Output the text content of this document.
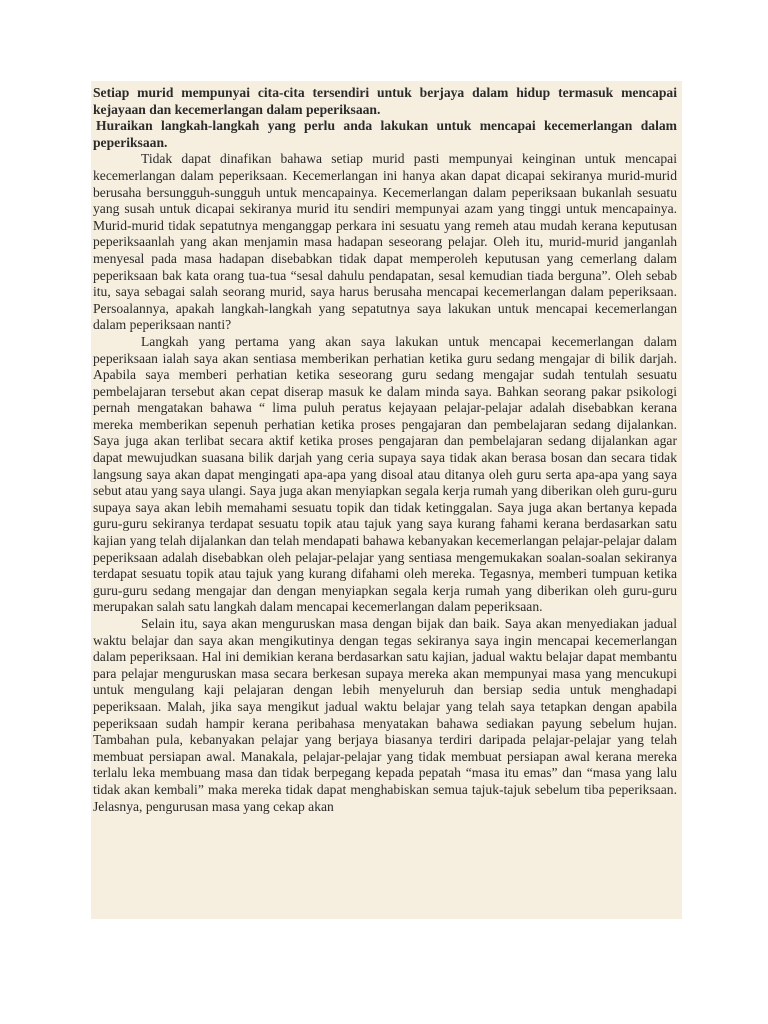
Setiap murid mempunyai cita-cita tersendiri untuk berjaya dalam hidup termasuk mencapai kejayaan dan kecemerlangan dalam peperiksaan.

Huraikan langkah-langkah yang perlu anda lakukan untuk mencapai kecemerlangan dalam peperiksaan.

Tidak dapat dinafikan bahawa setiap murid pasti mempunyai keinginan untuk mencapai kecemerlangan dalam peperiksaan. Kecemerlangan ini hanya akan dapat dicapai sekiranya murid-murid berusaha bersungguh-sungguh untuk mencapainya. Kecemerlangan dalam peperiksaan bukanlah sesuatu yang susah untuk dicapai sekiranya murid itu sendiri mempunyai azam yang tinggi untuk mencapainya. Murid-murid tidak sepatutnya menganggap perkara ini sesuatu yang remeh atau mudah kerana keputusan peperiksaanlah yang akan menjamin masa hadapan seseorang pelajar. Oleh itu, murid-murid janganlah menyesal pada masa hadapan disebabkan tidak dapat memperoleh keputusan yang cemerlang dalam peperiksaan bak kata orang tua-tua “sesal dahulu pendapatan, sesal kemudian tiada berguna”. Oleh sebab itu, saya sebagai salah seorang murid, saya harus berusaha mencapai kecemerlangan dalam peperiksaan. Persoalannya, apakah langkah-langkah yang sepatutnya saya lakukan untuk mencapai kecemerlangan dalam peperiksaan nanti?

Langkah yang pertama yang akan saya lakukan untuk mencapai kecemerlangan dalam peperiksaan ialah saya akan sentiasa memberikan perhatian ketika guru sedang mengajar di bilik darjah. Apabila saya memberi perhatian ketika seseorang guru sedang mengajar sudah tentulah sesuatu pembelajaran tersebut akan cepat diserap masuk ke dalam minda saya. Bahkan seorang pakar psikologi pernah mengatakan bahawa “ lima puluh peratus kejayaan pelajar-pelajar adalah disebabkan kerana mereka memberikan sepenuh perhatian ketika proses pengajaran dan pembelajaran sedang dijalankan. Saya juga akan terlibat secara aktif ketika proses pengajaran dan pembelajaran sedang dijalankan agar dapat mewujudkan suasana bilik darjah yang ceria supaya saya tidak akan berasa bosan dan secara tidak langsung saya akan dapat mengingati apa-apa yang disoal atau ditanya oleh guru serta apa-apa yang saya sebut atau yang saya ulangi. Saya juga akan menyiapkan segala kerja rumah yang diberikan oleh guru-guru supaya saya akan lebih memahami sesuatu topik dan tidak ketinggalan. Saya juga akan bertanya kepada guru-guru sekiranya terdapat sesuatu topik atau tajuk yang saya kurang fahami kerana berdasarkan satu kajian yang telah dijalankan dan telah mendapati bahawa kebanyakan kecemerlangan pelajar-pelajar dalam peperiksaan adalah disebabkan oleh pelajar-pelajar yang sentiasa mengemukakan soalan-soalan sekiranya terdapat sesuatu topik atau tajuk yang kurang difahami oleh mereka. Tegasnya, memberi tumpuan ketika guru-guru sedang mengajar dan dengan menyiapkan segala kerja rumah yang diberikan oleh guru-guru merupakan salah satu langkah dalam mencapai kecemerlangan dalam peperiksaan.

Selain itu, saya akan menguruskan masa dengan bijak dan baik. Saya akan menyediakan jadual waktu belajar dan saya akan mengikutinya dengan tegas sekiranya saya ingin mencapai kecemerlangan dalam peperiksaan. Hal ini demikian kerana berdasarkan satu kajian, jadual waktu belajar dapat membantu para pelajar menguruskan masa secara berkesan supaya mereka akan mempunyai masa yang mencukupi untuk mengulang kaji pelajaran dengan lebih menyeluruh dan bersiap sedia untuk menghadapi peperiksaan. Malah, jika saya mengikut jadual waktu belajar yang telah saya tetapkan dengan apabila peperiksaan sudah hampir kerana peribahasa menyatakan bahawa sediakan payung sebelum hujan. Tambahan pula, kebanyakan pelajar yang berjaya biasanya terdiri daripada pelajar-pelajar yang telah membuat persiapan awal. Manakala, pelajar-pelajar yang tidak membuat persiapan awal kerana mereka terlalu leka membuang masa dan tidak berpegang kepada pepatah “masa itu emas” dan “masa yang lalu tidak akan kembali” maka mereka tidak dapat menghabiskan semua tajuk-tajuk sebelum tiba peperiksaan. Jelasnya, pengurusan masa yang cekap akan
